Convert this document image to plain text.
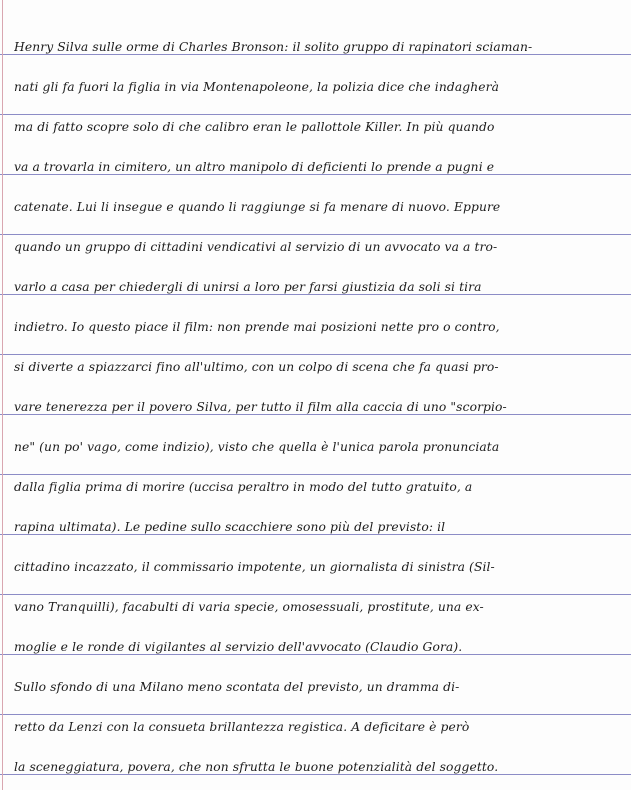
Henry Silva sulle orme di Charles Bronson: il solito gruppo di rapinatori sciaman-
nati gli fa fuori la figlia in via Montenapoleone, la polizia dice che indagherà
ma di fatto scopre solo di che calibro eran le pallottole Killer. In più quando
va a trovarla in cimitero, un altro manipolo di deficienti lo prende a pugni e
catenate. Lui li insegue e quando li raggiunge si fa menare di nuovo. Eppure
quando un gruppo di cittadini vendicativi al servizio di un avvocato va a tro-
varlo a casa per chiedergli di unirsi a loro per farsi giustizia da soli si tira
indietro. Io questo piace il film: non prende mai posizioni nette pro o contro,
si diverte a spiazzarci fino all'ultimo, con un colpo di scena che fa quasi pro-
vare tenerezza per il povero Silva, per tutto il film alla caccia di uno "scorpio-
ne" (un po' vago, come indizio), visto che quella è l'unica parola pronunciata
dalla figlia prima di morire (uccisa peraltro in modo del tutto gratuito, a
rapina ultimata). Le pedine sullo scacchiere sono più del previsto: il
cittadino incazzato, il commissario impotente, un giornalista di sinistra (Sil-
vano Tranquilli), facabulti di varia specie, omosessuali, prostitute, una ex-
moglie e le ronde di vigilantes al servizio dell'avvocato (Claudio Gora).
Sullo sfondo di una Milano meno scontata del previsto, un dramma di-
retto da Lenzi con la consueta brillantezza registica. A deficitare è però
la sceneggiatura, povera, che non sfrutta le buone potenzialità del soggetto.
